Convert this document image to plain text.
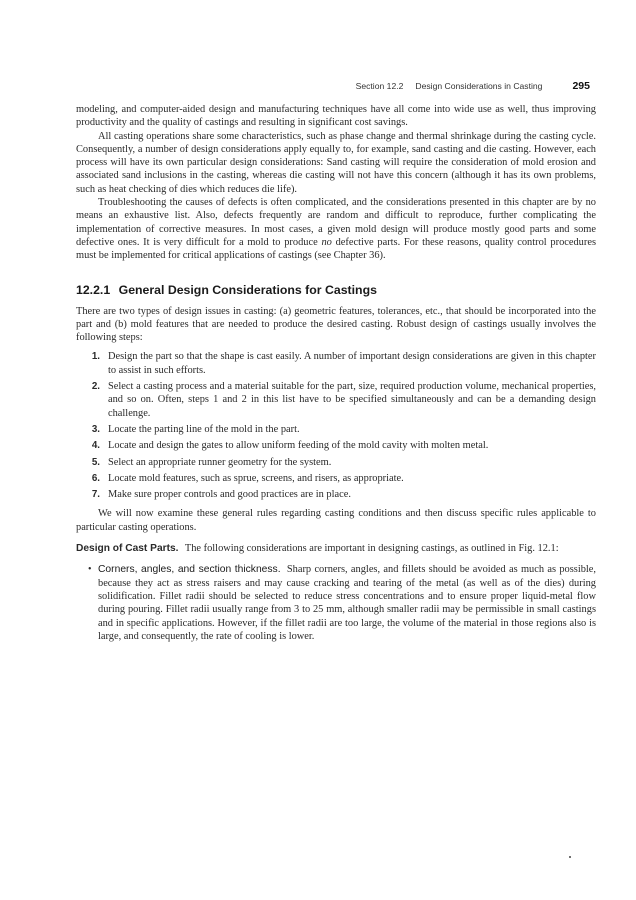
Section 12.2 Design Considerations in Casting	295

modeling, and computer-aided design and manufacturing techniques have all come into wide use as well, thus improving productivity and the quality of castings and resulting in significant cost savings.

All casting operations share some characteristics, such as phase change and thermal shrinkage during the casting cycle. Consequently, a number of design considerations apply equally to, for example, sand casting and die casting. However, each process will have its own particular design considerations: Sand casting will require the consideration of mold erosion and associated sand inclusions in the casting, whereas die casting will not have this concern (although it has its own problems, such as heat checking of dies which reduces die life).

Troubleshooting the causes of defects is often complicated, and the considerations presented in this chapter are by no means an exhaustive list. Also, defects frequently are random and difficult to reproduce, further complicating the implementation of corrective measures. In most cases, a given mold design will produce mostly good parts and some defective ones. It is very difficult for a mold to produce no defective parts. For these reasons, quality control procedures must be implemented for critical applications of castings (see Chapter 36).

12.2.1 General Design Considerations for Castings

There are two types of design issues in casting: (a) geometric features, tolerances, etc., that should be incorporated into the part and (b) mold features that are needed to produce the desired casting. Robust design of castings usually involves the following steps:

1. Design the part so that the shape is cast easily. A number of important design considerations are given in this chapter to assist in such efforts.
2. Select a casting process and a material suitable for the part, size, required production volume, mechanical properties, and so on. Often, steps 1 and 2 in this list have to be specified simultaneously and can be a demanding design challenge.
3. Locate the parting line of the mold in the part.
4. Locate and design the gates to allow uniform feeding of the mold cavity with molten metal.
5. Select an appropriate runner geometry for the system.
6. Locate mold features, such as sprue, screens, and risers, as appropriate.
7. Make sure proper controls and good practices are in place.

We will now examine these general rules regarding casting conditions and then discuss specific rules applicable to particular casting operations.

Design of Cast Parts. The following considerations are important in designing castings, as outlined in Fig. 12.1:

• Corners, angles, and section thickness. Sharp corners, angles, and fillets should be avoided as much as possible, because they act as stress raisers and may cause cracking and tearing of the metal (as well as of the dies) during solidification. Fillet radii should be selected to reduce stress concentrations and to ensure proper liquid-metal flow during pouring. Fillet radii usually range from 3 to 25 mm, although smaller radii may be permissible in small castings and in specific applications. However, if the fillet radii are too large, the volume of the material in those regions also is large, and consequently, the rate of cooling is lower.
